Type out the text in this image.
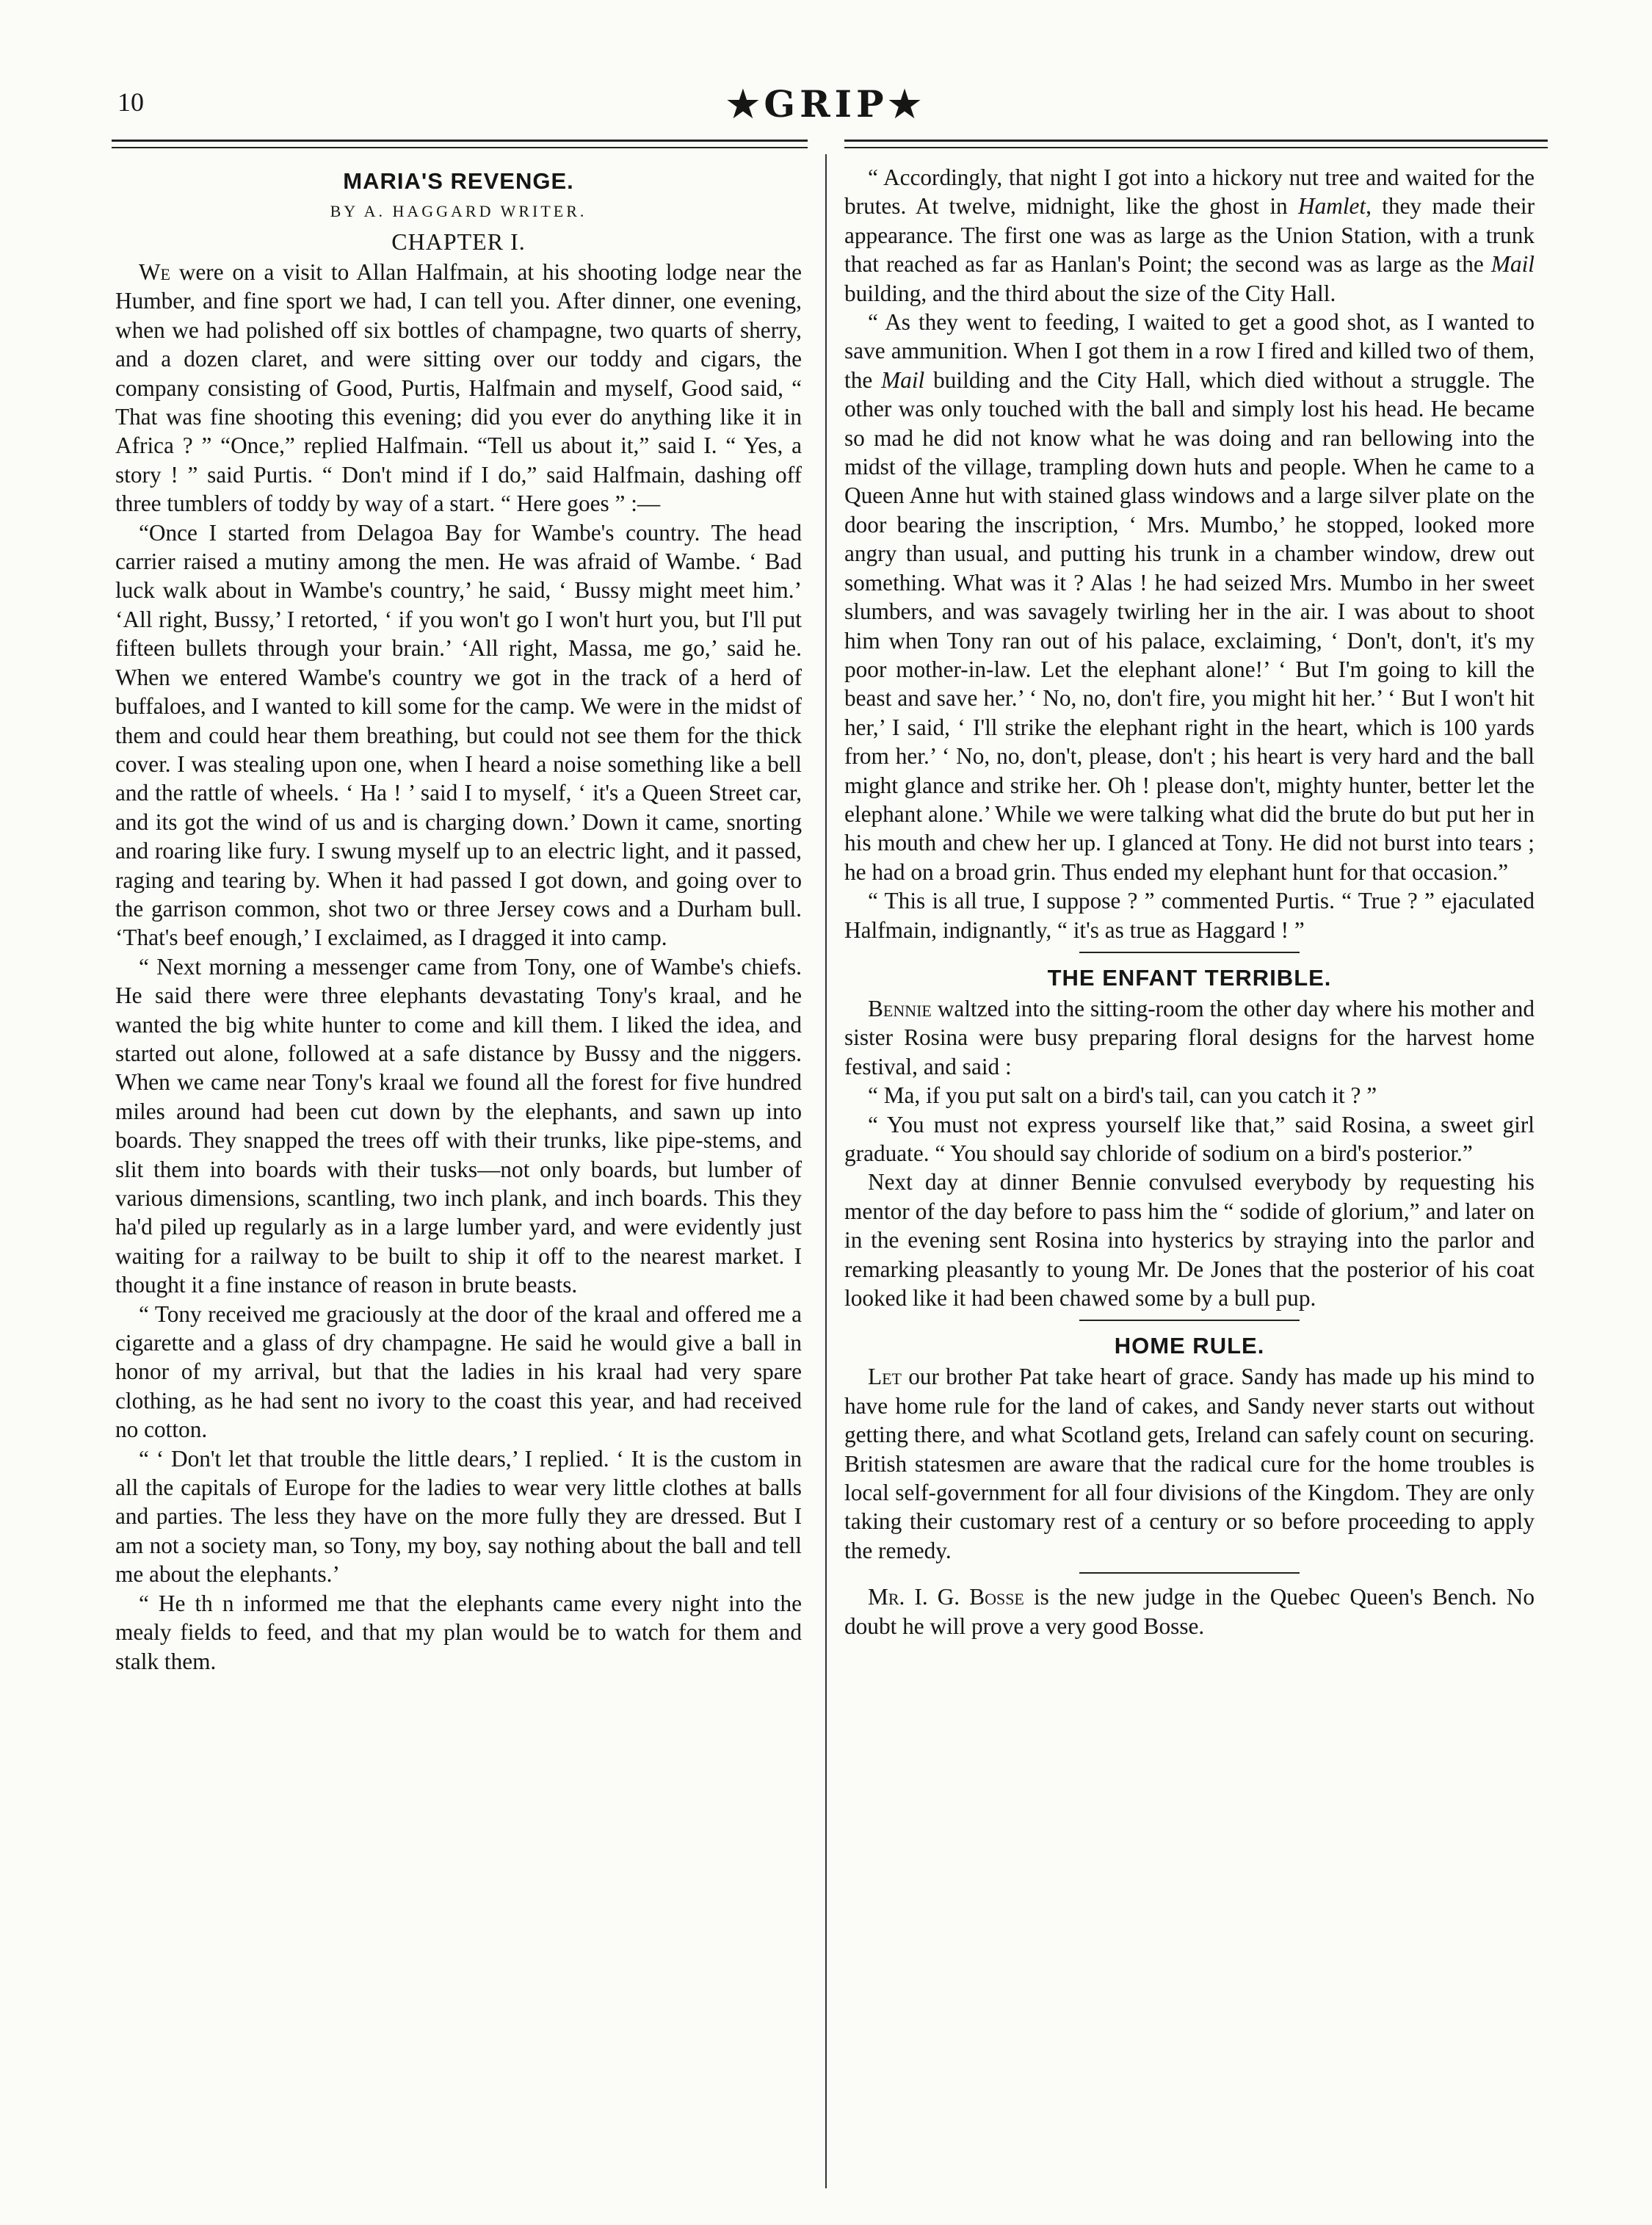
10	★GRIP★
MARIA'S REVENGE.
BY A. HAGGARD WRITER.
CHAPTER I.

We were on a visit to Allan Halfmain, at his shooting lodge near the Humber, and fine sport we had, I can tell you. After dinner, one evening, when we had polished off six bottles of champagne, two quarts of sherry, and a dozen claret, and were sitting over our toddy and cigars, the company consisting of Good, Purtis, Halfmain and myself, Good said, “ That was fine shooting this evening; did you ever do anything like it in Africa ? ” “Once,” replied Halfmain. “Tell us about it,” said I. “ Yes, a story ! ” said Purtis. “ Don't mind if I do,” said Halfmain, dashing off three tumblers of toddy by way of a start. “ Here goes ” :—

“Once I started from Delagoa Bay for Wambe's country. The head carrier raised a mutiny among the men. He was afraid of Wambe. ‘ Bad luck walk about in Wambe's country,’ he said, ‘ Bussy might meet him.’ ‘All right, Bussy,’ I retorted, ‘ if you won't go I won't hurt you, but I'll put fifteen bullets through your brain.’ ‘All right, Massa, me go,’ said he. When we entered Wambe's country we got in the track of a herd of buffaloes, and I wanted to kill some for the camp. We were in the midst of them and could hear them breathing, but could not see them for the thick cover. I was stealing upon one, when I heard a noise something like a bell and the rattle of wheels. ‘ Ha ! ’ said I to myself, ‘ it's a Queen Street car, and its got the wind of us and is charging down.’ Down it came, snorting and roaring like fury. I swung myself up to an electric light, and it passed, raging and tearing by. When it had passed I got down, and going over to the garrison common, shot two or three Jersey cows and a Durham bull. ‘That's beef enough,’ I exclaimed, as I dragged it into camp.

“ Next morning a messenger came from Tony, one of Wambe's chiefs. He said there were three elephants devastating Tony's kraal, and he wanted the big white hunter to come and kill them. I liked the idea, and started out alone, followed at a safe distance by Bussy and the niggers. When we came near Tony's kraal we found all the forest for five hundred miles around had been cut down by the elephants, and sawn up into boards. They snapped the trees off with their trunks, like pipe-stems, and slit them into boards with their tusks—not only boards, but lumber of various dimensions, scantling, two inch plank, and inch boards. This they ha'd piled up regularly as in a large lumber yard, and were evidently just waiting for a railway to be built to ship it off to the nearest market. I thought it a fine instance of reason in brute beasts.

“ Tony received me graciously at the door of the kraal and offered me a cigarette and a glass of dry champagne. He said he would give a ball in honor of my arrival, but that the ladies in his kraal had very spare clothing, as he had sent no ivory to the coast this year, and had received no cotton.

“ ‘ Don't let that trouble the little dears,’ I replied. ‘ It is the custom in all the capitals of Europe for the ladies to wear very little clothes at balls and parties. The less they have on the more fully they are dressed. But I am not a society man, so Tony, my boy, say nothing about the ball and tell me about the elephants.’

“ He th n informed me that the elephants came every night into the mealy fields to feed, and that my plan would be to watch for them and stalk them.

“ Accordingly, that night I got into a hickory nut tree and waited for the brutes. At twelve, midnight, like the ghost in Hamlet, they made their appearance. The first one was as large as the Union Station, with a trunk that reached as far as Hanlan's Point; the second was as large as the Mail building, and the third about the size of the City Hall.

“ As they went to feeding, I waited to get a good shot, as I wanted to save ammunition. When I got them in a row I fired and killed two of them, the Mail building and the City Hall, which died without a struggle. The other was only touched with the ball and simply lost his head. He became so mad he did not know what he was doing and ran bellowing into the midst of the village, trampling down huts and people. When he came to a Queen Anne hut with stained glass windows and a large silver plate on the door bearing the inscription, ‘ Mrs. Mumbo,’ he stopped, looked more angry than usual, and putting his trunk in a chamber window, drew out something. What was it ? Alas ! he had seized Mrs. Mumbo in her sweet slumbers, and was savagely twirling her in the air. I was about to shoot him when Tony ran out of his palace, exclaiming, ‘ Don't, don't, it's my poor mother-in-law. Let the elephant alone!’ ‘ But I'm going to kill the beast and save her.’ ‘ No, no, don't fire, you might hit her.’ ‘ But I won't hit her,’ I said, ‘ I'll strike the elephant right in the heart, which is 100 yards from her.’ ‘ No, no, don't, please, don't ; his heart is very hard and the ball might glance and strike her. Oh ! please don't, mighty hunter, better let the elephant alone.’ While we were talking what did the brute do but put her in his mouth and chew her up. I glanced at Tony. He did not burst into tears ; he had on a broad grin. Thus ended my elephant hunt for that occasion.”

“ This is all true, I suppose ? ” commented Purtis. “ True ? ” ejaculated Halfmain, indignantly, “ it's as true as Haggard ! ”

THE ENFANT TERRIBLE.

Bennie waltzed into the sitting-room the other day where his mother and sister Rosina were busy preparing floral designs for the harvest home festival, and said :

“ Ma, if you put salt on a bird's tail, can you catch it ? ”

“ You must not express yourself like that,” said Rosina, a sweet girl graduate. “ You should say chloride of sodium on a bird's posterior.”

Next day at dinner Bennie convulsed everybody by requesting his mentor of the day before to pass him the “ sodide of glorium,” and later on in the evening sent Rosina into hysterics by straying into the parlor and remarking pleasantly to young Mr. De Jones that the posterior of his coat looked like it had been chawed some by a bull pup.

HOME RULE.

Let our brother Pat take heart of grace. Sandy has made up his mind to have home rule for the land of cakes, and Sandy never starts out without getting there, and what Scotland gets, Ireland can safely count on securing. British statesmen are aware that the radical cure for the home troubles is local self-government for all four divisions of the Kingdom. They are only taking their customary rest of a century or so before proceeding to apply the remedy.

Mr. I. G. Bosse is the new judge in the Quebec Queen's Bench. No doubt he will prove a very good Bosse.
